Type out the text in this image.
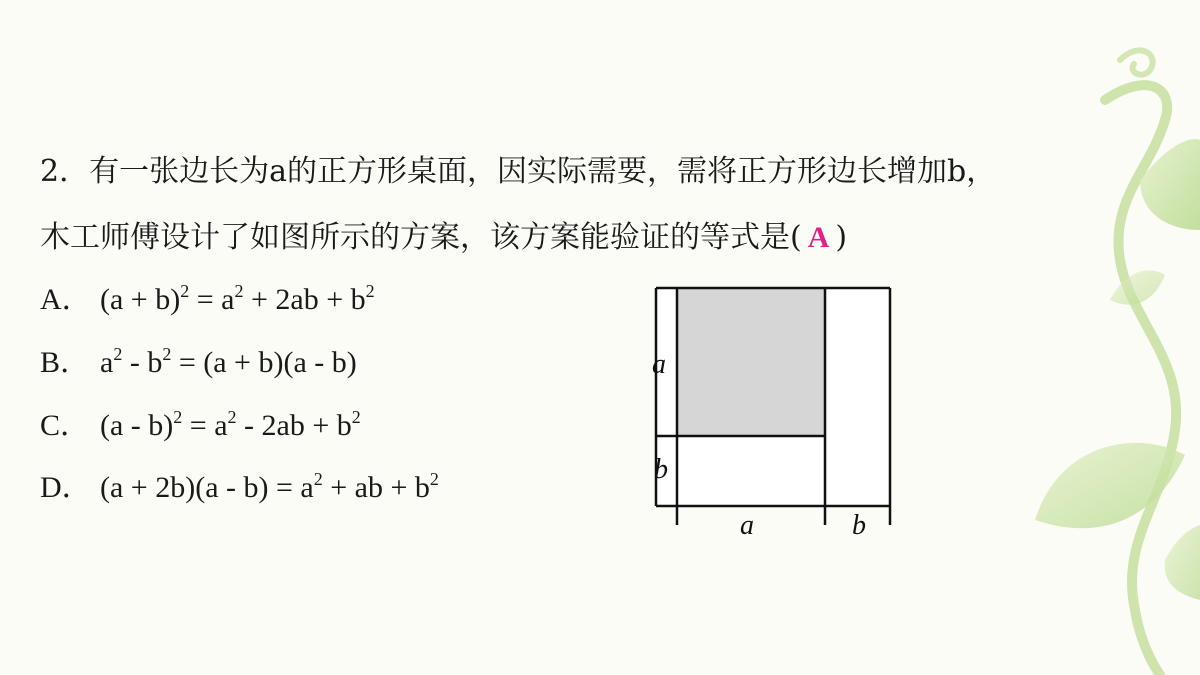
2．有一张边长为a的正方形桌面，因实际需要，需将正方形边长增加b，
木工师傅设计了如图所示的方案，该方案能验证的等式是( A )
A． $(a + b)^2 = a^2 + 2ab + b^2$
B． $a^2 - b^2 = (a + b)(a - b)$
C． $(a - b)^2 = a^2 - 2ab + b^2$
D． $(a + 2b)(a - b) = a^2$ + ab + $b^2$
a
b
a	b
